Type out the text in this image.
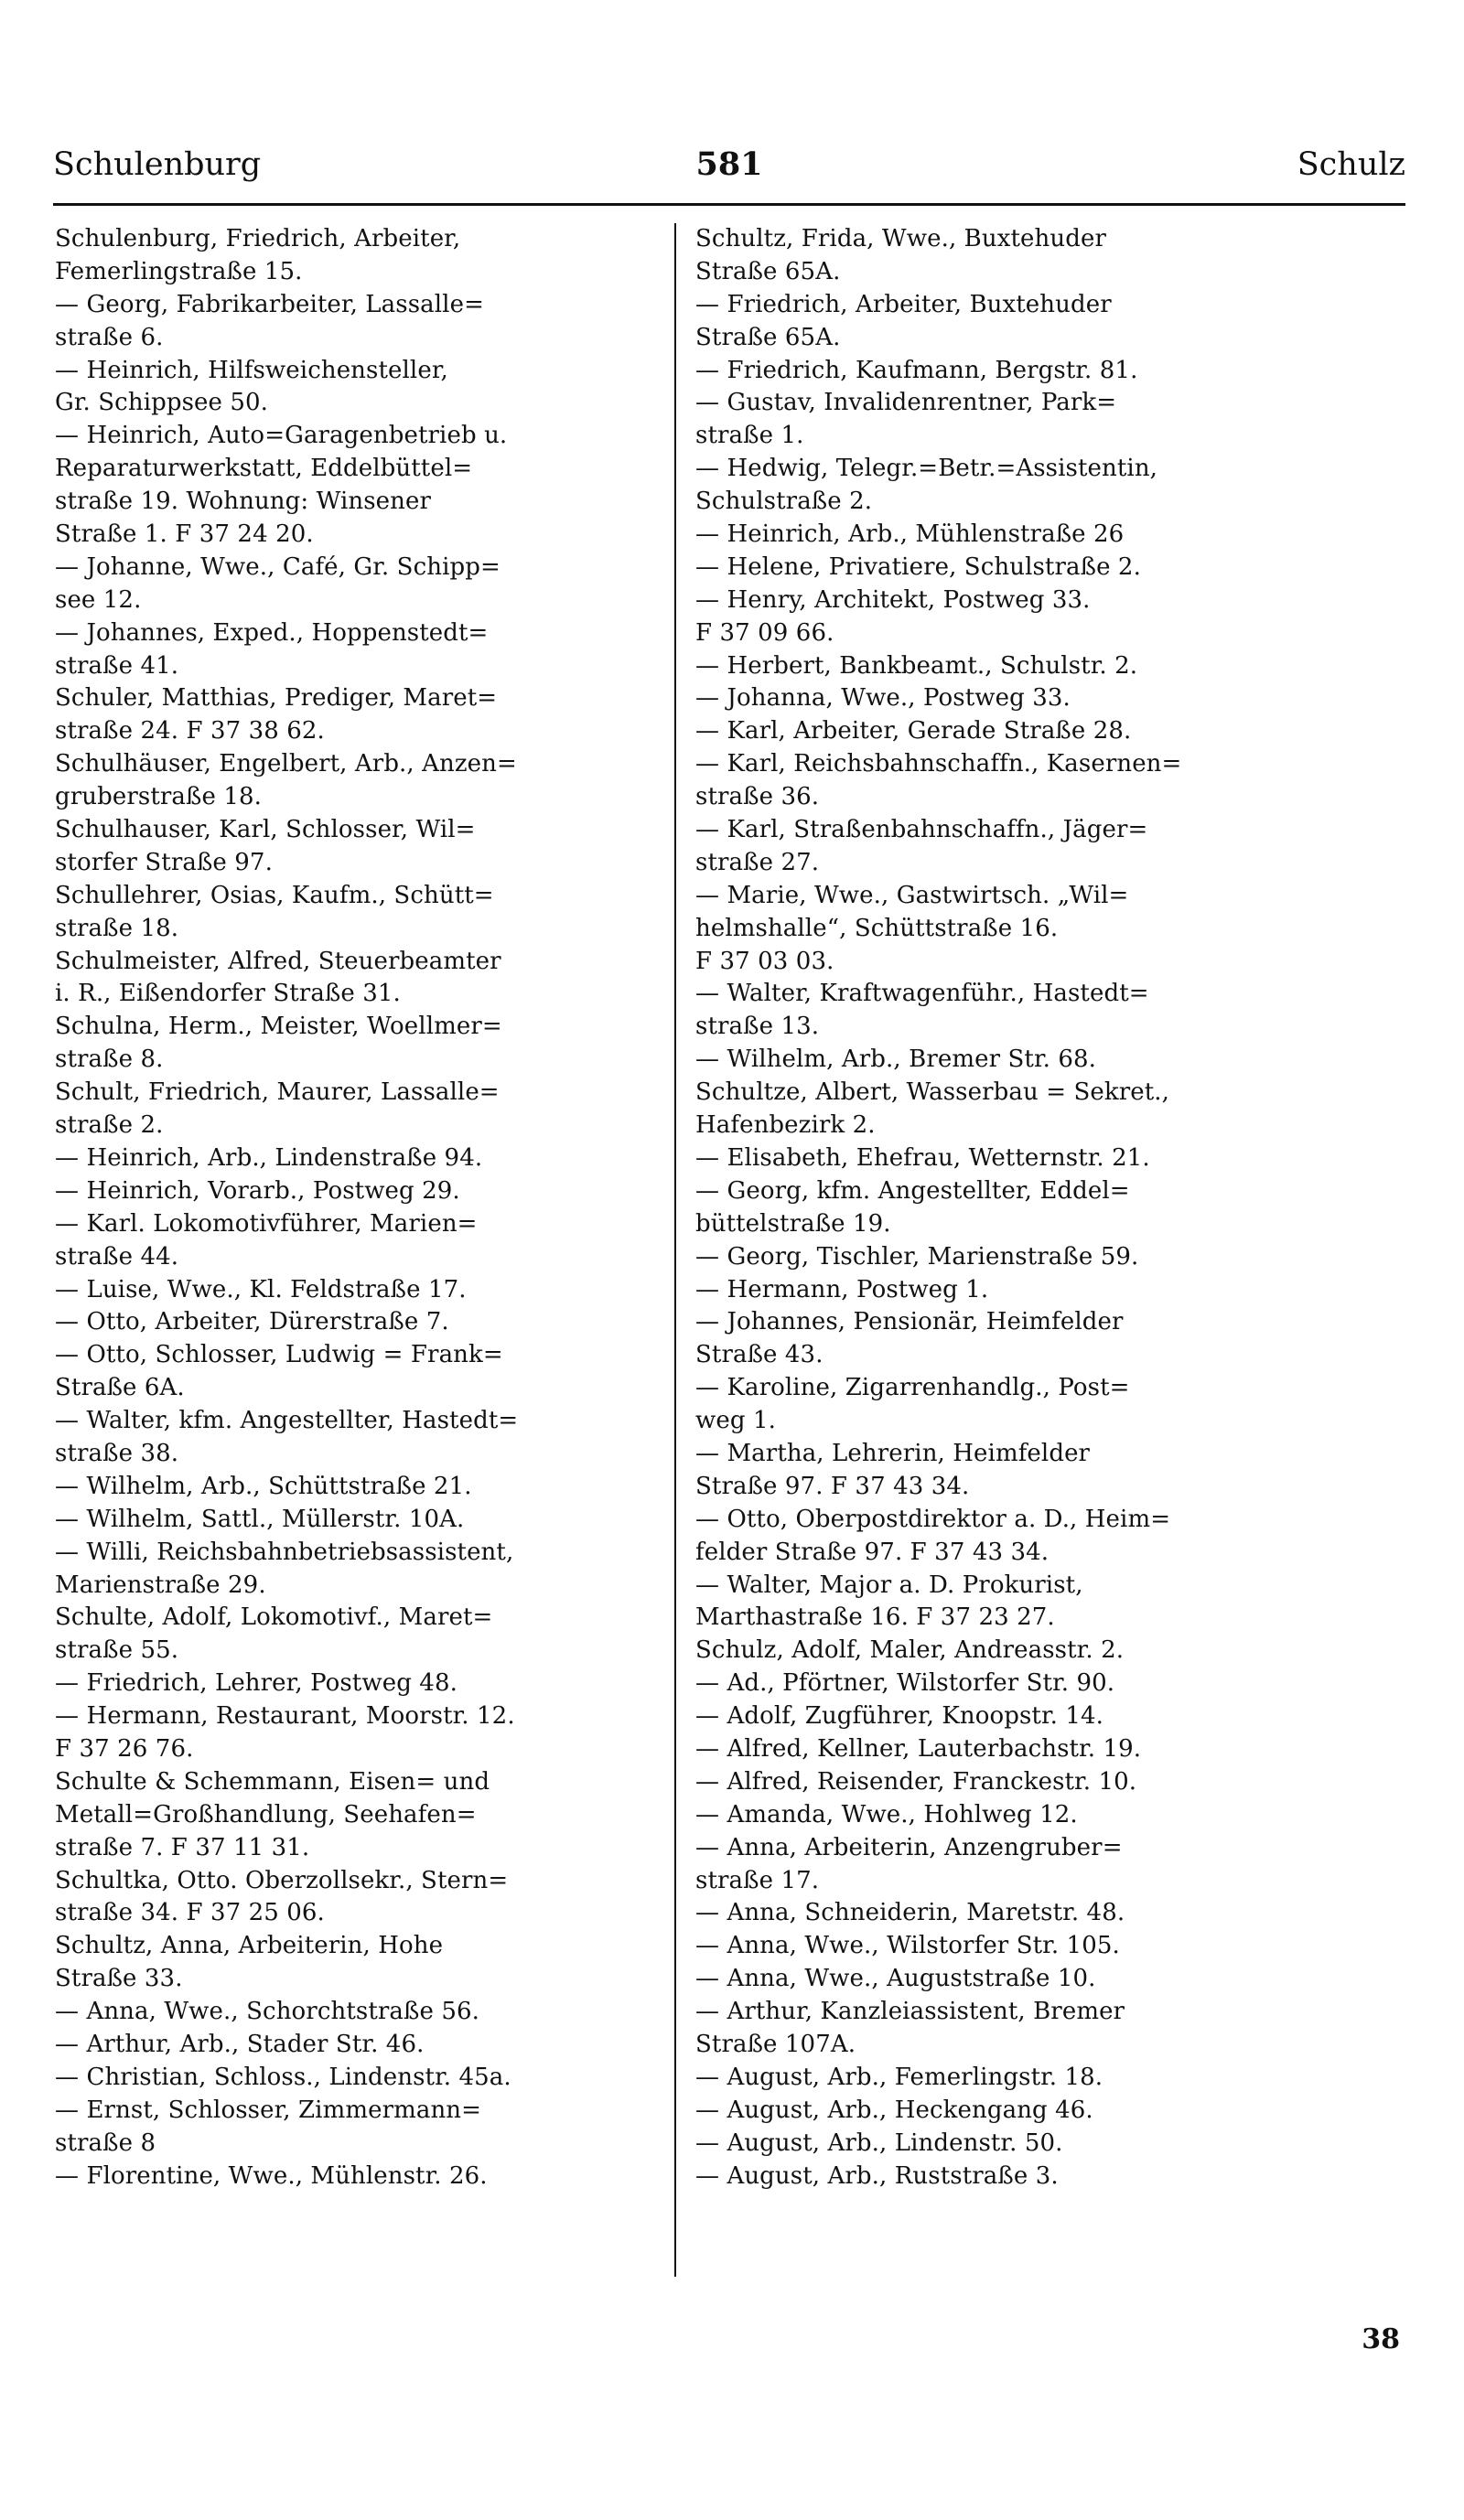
Schulenburg	581	Schulz
Schulenburg, Friedrich, Arbeiter,
Femerlingstraße 15.
— Georg, Fabrikarbeiter, Lassalle=
straße 6.
— Heinrich, Hilfsweichensteller,
Gr. Schippsee 50.
— Heinrich, Auto=Garagenbetrieb u.
Reparaturwerkstatt, Eddelbüttel=
straße 19. Wohnung: Winsener
Straße 1. F 37 24 20.
— Johanne, Wwe., Café, Gr. Schipp=
see 12.
— Johannes, Exped., Hoppenstedt=
straße 41.
Schuler, Matthias, Prediger, Maret=
straße 24. F 37 38 62.
Schulhäuser, Engelbert, Arb., Anzen=
gruberstraße 18.
Schulhauser, Karl, Schlosser, Wil=
storfer Straße 97.
Schullehrer, Osias, Kaufm., Schütt=
straße 18.
Schulmeister, Alfred, Steuerbeamter
i. R., Eißendorfer Straße 31.
Schulna, Herm., Meister, Woellmer=
straße 8.
Schult, Friedrich, Maurer, Lassalle=
straße 2.
— Heinrich, Arb., Lindenstraße 94.
— Heinrich, Vorarb., Postweg 29.
— Karl. Lokomotivführer, Marien=
straße 44.
— Luise, Wwe., Kl. Feldstraße 17.
— Otto, Arbeiter, Dürerstraße 7.
— Otto, Schlosser, Ludwig = Frank=
Straße 6A.
— Walter, kfm. Angestellter, Hastedt=
straße 38.
— Wilhelm, Arb., Schüttstraße 21.
— Wilhelm, Sattl., Müllerstr. 10A.
— Willi, Reichsbahnbetriebsassistent,
Marienstraße 29.
Schulte, Adolf, Lokomotivf., Maret=
straße 55.
— Friedrich, Lehrer, Postweg 48.
— Hermann, Restaurant, Moorstr. 12.
F 37 26 76.
Schulte & Schemmann, Eisen= und
Metall=Großhandlung, Seehafen=
straße 7. F 37 11 31.
Schultka, Otto. Oberzollsekr., Stern=
straße 34. F 37 25 06.
Schultz, Anna, Arbeiterin, Hohe
Straße 33.
— Anna, Wwe., Schorchtstraße 56.
— Arthur, Arb., Stader Str. 46.
— Christian, Schloss., Lindenstr. 45a.
— Ernst, Schlosser, Zimmermann=
straße 8
— Florentine, Wwe., Mühlenstr. 26.
Schultz, Frida, Wwe., Buxtehuder
Straße 65A.
— Friedrich, Arbeiter, Buxtehuder
Straße 65A.
— Friedrich, Kaufmann, Bergstr. 81.
— Gustav, Invalidenrentner, Park=
straße 1.
— Hedwig, Telegr.=Betr.=Assistentin,
Schulstraße 2.
— Heinrich, Arb., Mühlenstraße 26
— Helene, Privatiere, Schulstraße 2.
— Henry, Architekt, Postweg 33.
F 37 09 66.
— Herbert, Bankbeamt., Schulstr. 2.
— Johanna, Wwe., Postweg 33.
— Karl, Arbeiter, Gerade Straße 28.
— Karl, Reichsbahnschaffn., Kasernen=
straße 36.
— Karl, Straßenbahnschaffn., Jäger=
straße 27.
— Marie, Wwe., Gastwirtsch. „Wil=
helmshalle“, Schüttstraße 16.
F 37 03 03.
— Walter, Kraftwagenführ., Hastedt=
straße 13.
— Wilhelm, Arb., Bremer Str. 68.
Schultze, Albert, Wasserbau = Sekret.,
Hafenbezirk 2.
— Elisabeth, Ehefrau, Wetternstr. 21.
— Georg, kfm. Angestellter, Eddel=
büttelstraße 19.
— Georg, Tischler, Marienstraße 59.
— Hermann, Postweg 1.
— Johannes, Pensionär, Heimfelder
Straße 43.
— Karoline, Zigarrenhandlg., Post=
weg 1.
— Martha, Lehrerin, Heimfelder
Straße 97. F 37 43 34.
— Otto, Oberpostdirektor a. D., Heim=
felder Straße 97. F 37 43 34.
— Walter, Major a. D. Prokurist,
Marthastraße 16. F 37 23 27.
Schulz, Adolf, Maler, Andreasstr. 2.
— Ad., Pförtner, Wilstorfer Str. 90.
— Adolf, Zugführer, Knoopstr. 14.
— Alfred, Kellner, Lauterbachstr. 19.
— Alfred, Reisender, Franckestr. 10.
— Amanda, Wwe., Hohlweg 12.
— Anna, Arbeiterin, Anzengruber=
straße 17.
— Anna, Schneiderin, Maretstr. 48.
— Anna, Wwe., Wilstorfer Str. 105.
— Anna, Wwe., Auguststraße 10.
— Arthur, Kanzleiassistent, Bremer
Straße 107A.
— August, Arb., Femerlingstr. 18.
— August, Arb., Heckengang 46.
— August, Arb., Lindenstr. 50.
— August, Arb., Ruststraße 3.
38
